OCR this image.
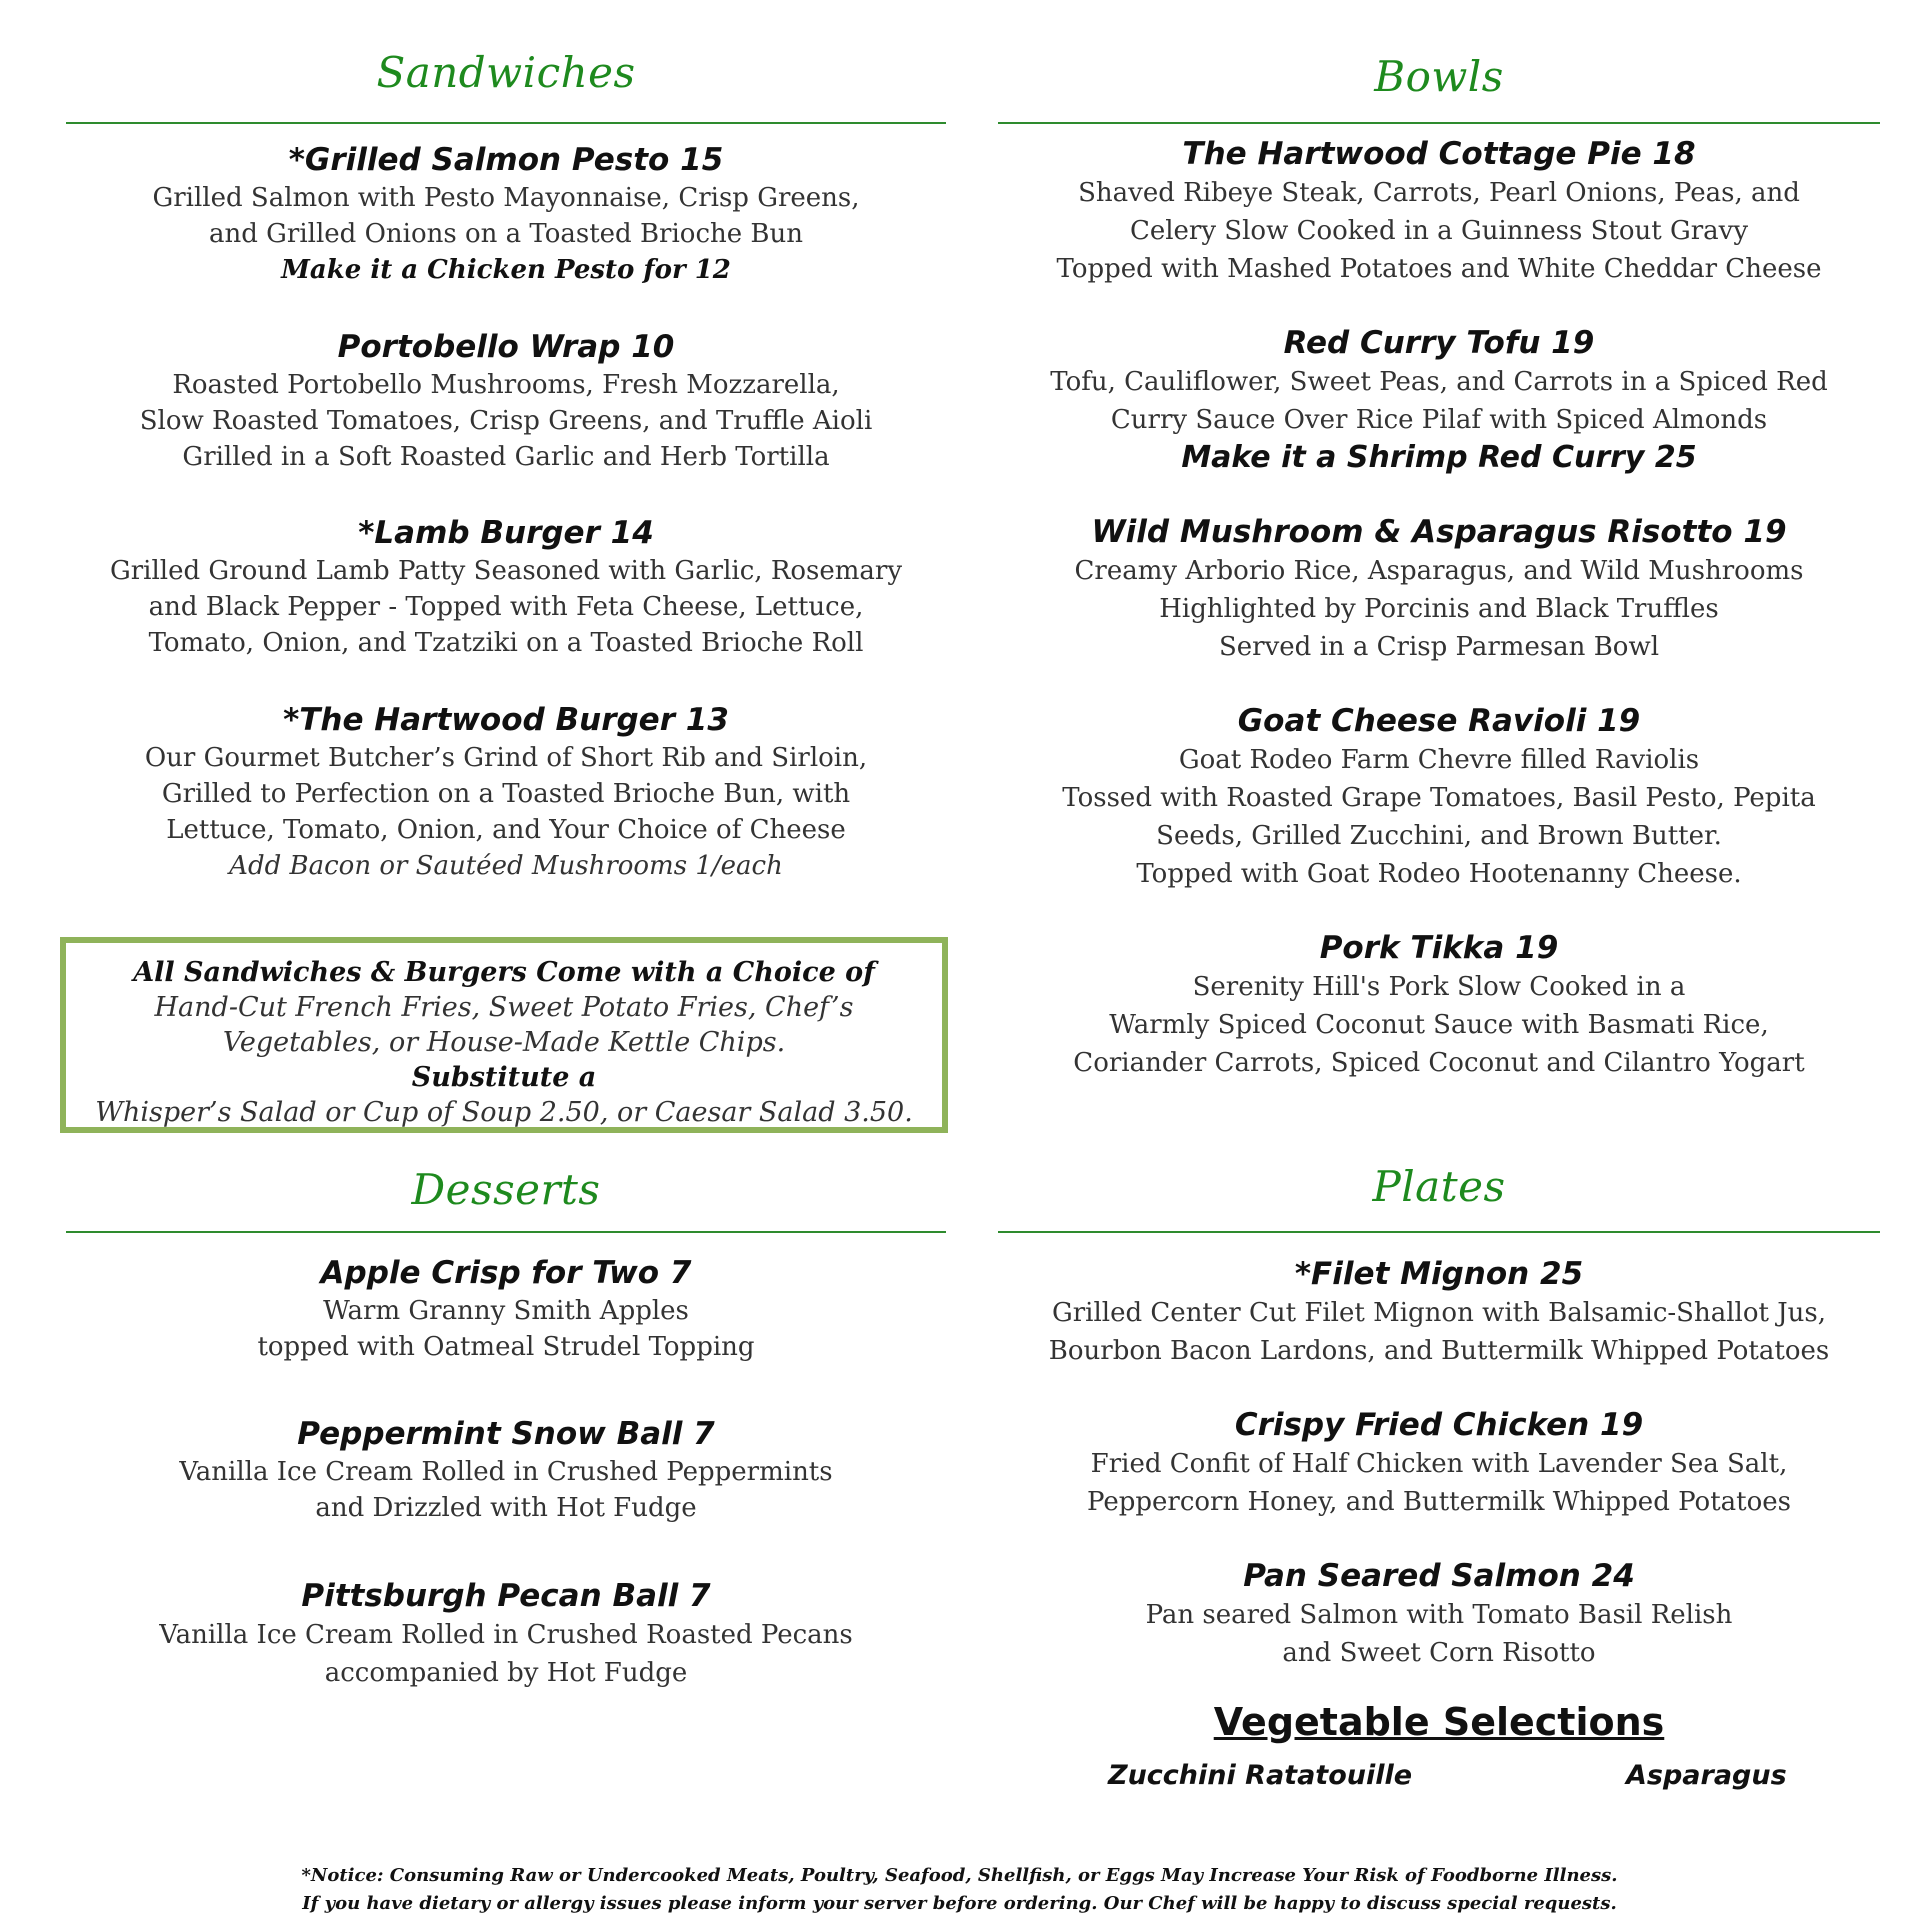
Sandwiches	Bowls
Desserts	Plates
*Grilled Salmon Pesto 15
Grilled Salmon with Pesto Mayonnaise, Crisp Greens,
and Grilled Onions on a Toasted Brioche Bun
Make it a Chicken Pesto for 12
Portobello Wrap 10
Roasted Portobello Mushrooms, Fresh Mozzarella,
Slow Roasted Tomatoes, Crisp Greens, and Truffle Aioli
Grilled in a Soft Roasted Garlic and Herb Tortilla
*Lamb Burger 14
Grilled Ground Lamb Patty Seasoned with Garlic, Rosemary
and Black Pepper - Topped with Feta Cheese, Lettuce,
Tomato, Onion, and Tzatziki on a Toasted Brioche Roll
*The Hartwood Burger 13
Our Gourmet Butcher’s Grind of Short Rib and Sirloin,
Grilled to Perfection on a Toasted Brioche Bun, with
Lettuce, Tomato, Onion, and Your Choice of Cheese
Add Bacon or Sautéed Mushrooms 1/each
All Sandwiches & Burgers Come with a Choice of
Hand-Cut French Fries, Sweet Potato Fries, Chef’s
Vegetables, or House-Made Kettle Chips.
Substitute a
Whisper’s Salad or Cup of Soup 2.50, or Caesar Salad 3.50.
The Hartwood Cottage Pie 18
Shaved Ribeye Steak, Carrots, Pearl Onions, Peas, and
Celery Slow Cooked in a Guinness Stout Gravy
Topped with Mashed Potatoes and White Cheddar Cheese
Red Curry Tofu 19
Tofu, Cauliflower, Sweet Peas, and Carrots in a Spiced Red
Curry Sauce Over Rice Pilaf with Spiced Almonds
Make it a Shrimp Red Curry 25
Wild Mushroom & Asparagus Risotto 19
Creamy Arborio Rice, Asparagus, and Wild Mushrooms
Highlighted by Porcinis and Black Truffles
Served in a Crisp Parmesan Bowl
Goat Cheese Ravioli 19
Goat Rodeo Farm Chevre filled Raviolis
Tossed with Roasted Grape Tomatoes, Basil Pesto, Pepita
Seeds, Grilled Zucchini, and Brown Butter.
Topped with Goat Rodeo Hootenanny Cheese.
Pork Tikka 19
Serenity Hill's Pork Slow Cooked in a
Warmly Spiced Coconut Sauce with Basmati Rice,
Coriander Carrots, Spiced Coconut and Cilantro Yogart
Apple Crisp for Two 7
Warm Granny Smith Apples
topped with Oatmeal Strudel Topping
Peppermint Snow Ball 7
Vanilla Ice Cream Rolled in Crushed Peppermints
and Drizzled with Hot Fudge
Pittsburgh Pecan Ball 7
Vanilla Ice Cream Rolled in Crushed Roasted Pecans
accompanied by Hot Fudge
*Filet Mignon 25
Grilled Center Cut Filet Mignon with Balsamic-Shallot Jus,
Bourbon Bacon Lardons, and Buttermilk Whipped Potatoes
Crispy Fried Chicken 19
Fried Confit of Half Chicken with Lavender Sea Salt,
Peppercorn Honey, and Buttermilk Whipped Potatoes
Pan Seared Salmon 24
Pan seared Salmon with Tomato Basil Relish
and Sweet Corn Risotto
Vegetable Selections
Zucchini Ratatouille	Asparagus
*Notice: Consuming Raw or Undercooked Meats, Poultry, Seafood, Shellfish, or Eggs May Increase Your Risk of Foodborne Illness.
If you have dietary or allergy issues please inform your server before ordering. Our Chef will be happy to discuss special requests.
